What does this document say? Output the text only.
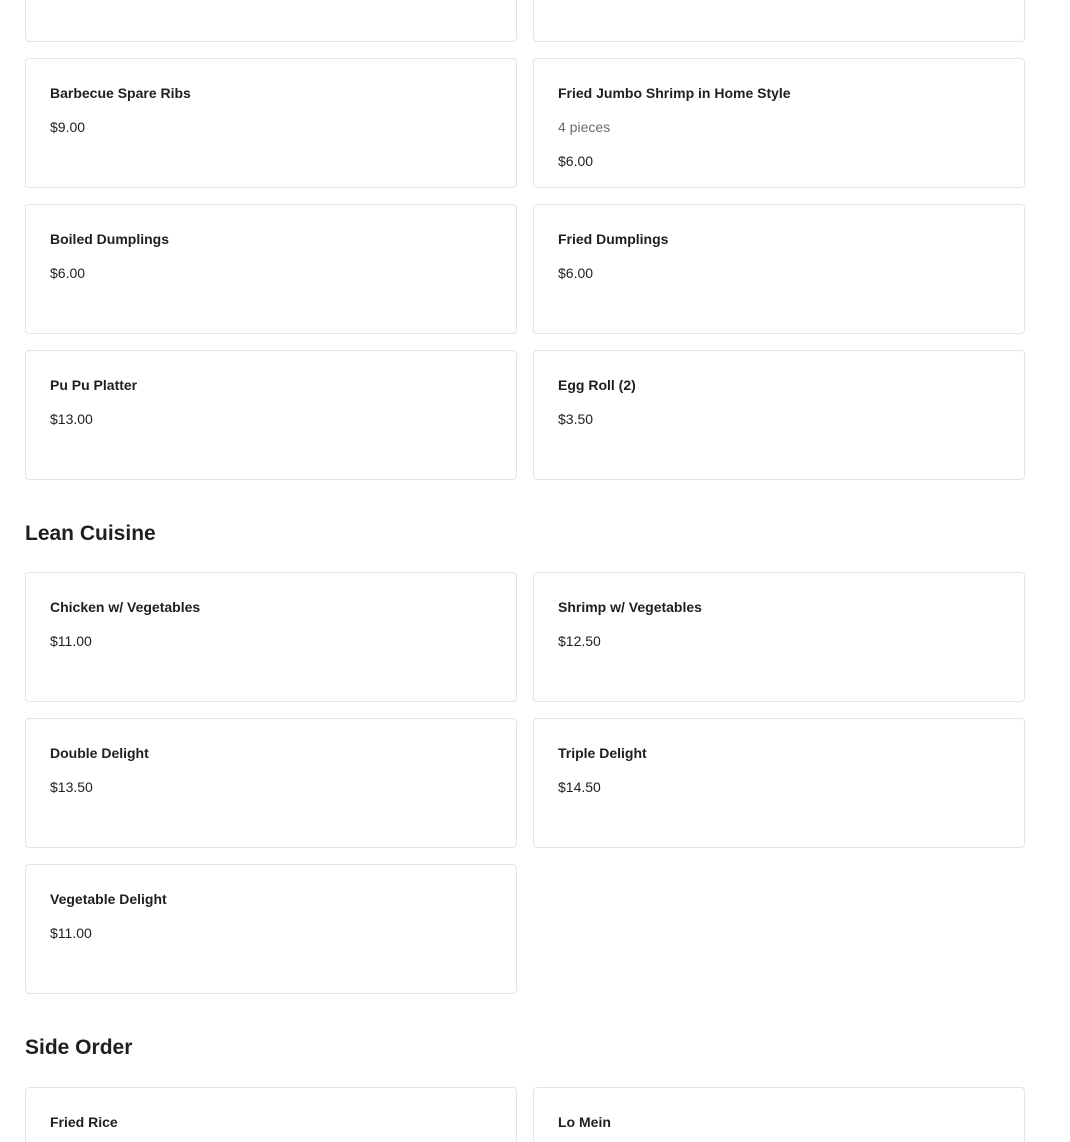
Barbecue Spare Ribs
$9.00
Fried Jumbo Shrimp in Home Style
4 pieces
$6.00
Boiled Dumplings
$6.00
Fried Dumplings
$6.00
Pu Pu Platter
$13.00
Egg Roll (2)
$3.50
Lean Cuisine
Chicken w/ Vegetables
$11.00
Shrimp w/ Vegetables
$12.50
Double Delight
$13.50
Triple Delight
$14.50
Vegetable Delight
$11.00
Side Order
Fried Rice	Lo Mein
